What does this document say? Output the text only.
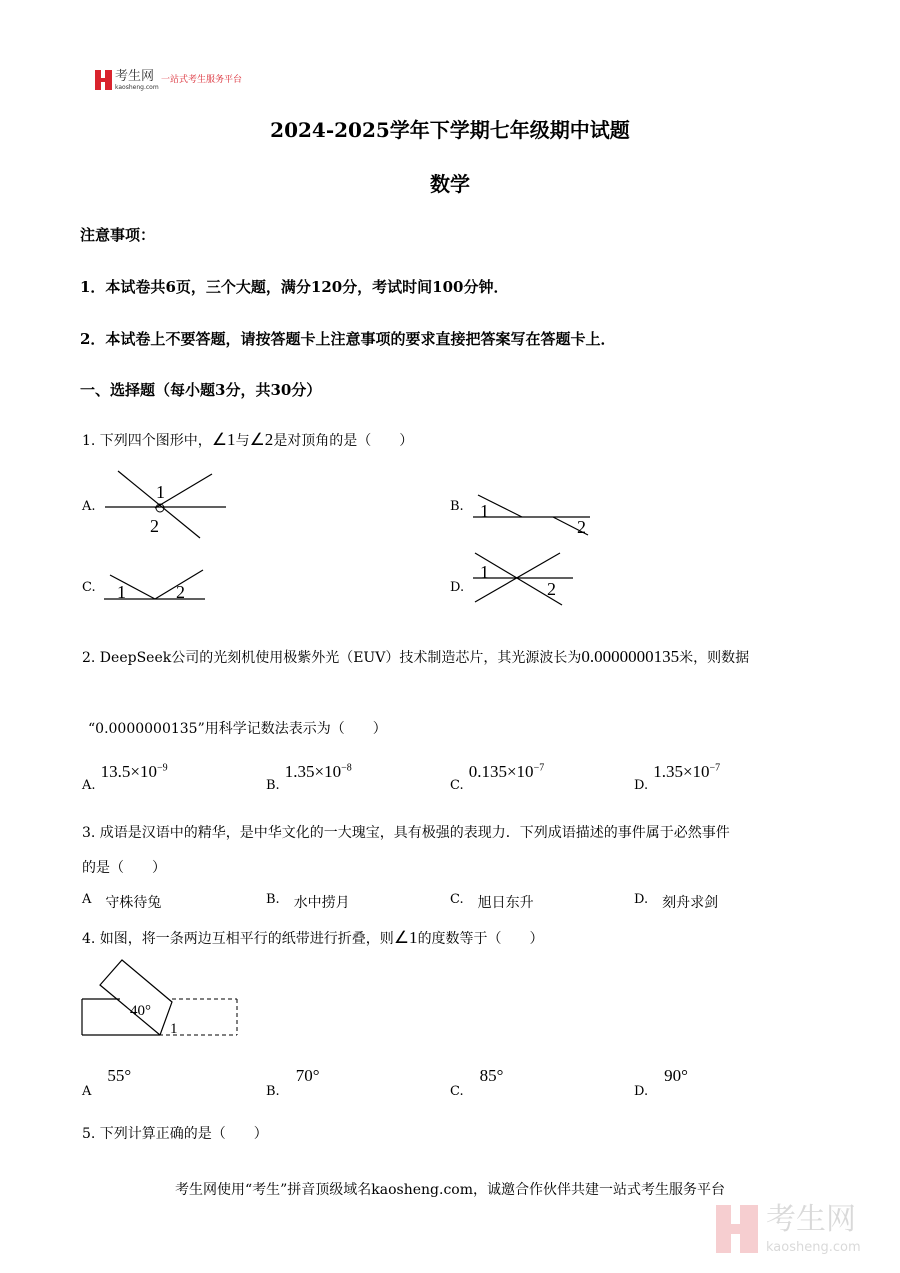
考生网
kaosheng.com
一站式考生服务平台
2024-2025学年下学期七年级期中试题
数学
注意事项：
1．本试卷共6页，三个大题，满分120分，考试时间100分钟．
2．本试卷上不要答题，请按答题卡上注意事项的要求直接把答案写在答题卡上．
一、选择题（每小题3分，共30分）
1. 下列四个图形中，∠1与∠2是对顶角的是（　　）
A.
1
2
B. 1
2
C. 1	2	D.
1
2
2. DeepSeek公司的光刻机使用极紫外光（EUV）技术制造芯片，其光源波长为0.0000000135米，则数据
“0.0000000135”用科学记数法表示为（　　）
$_{A.}$ $13.5\times 10^{-9}$
$_{B.}$ $1.35\times 10^{-8}$
$_{C.}$ $0.135\times 10^{-7}$
$_{D.}$ $1.35\times 10^{-7}$
3. 成语是汉语中的精华，是中华文化的一大瑰宝，具有极强的表现力．下列成语描述的事件属于必然事件
的是（　　）
A　 守株待兔	B.　 水中捞月	C.　 旭日东升	D.　 刻舟求剑
4. 如图，将一条两边互相平行的纸带进行折叠，则∠1的度数等于（　　）
40°
1
$_A$　55°
$_{B.}$　70°
$_{C.}$　85°
$_{D.}$　90°
5. 下列计算正确的是（　　）
考生网使用“考生”拼音顶级域名kaosheng.com，诚邀合作伙伴共建一站式考生服务平台
考生网
kaosheng.com
